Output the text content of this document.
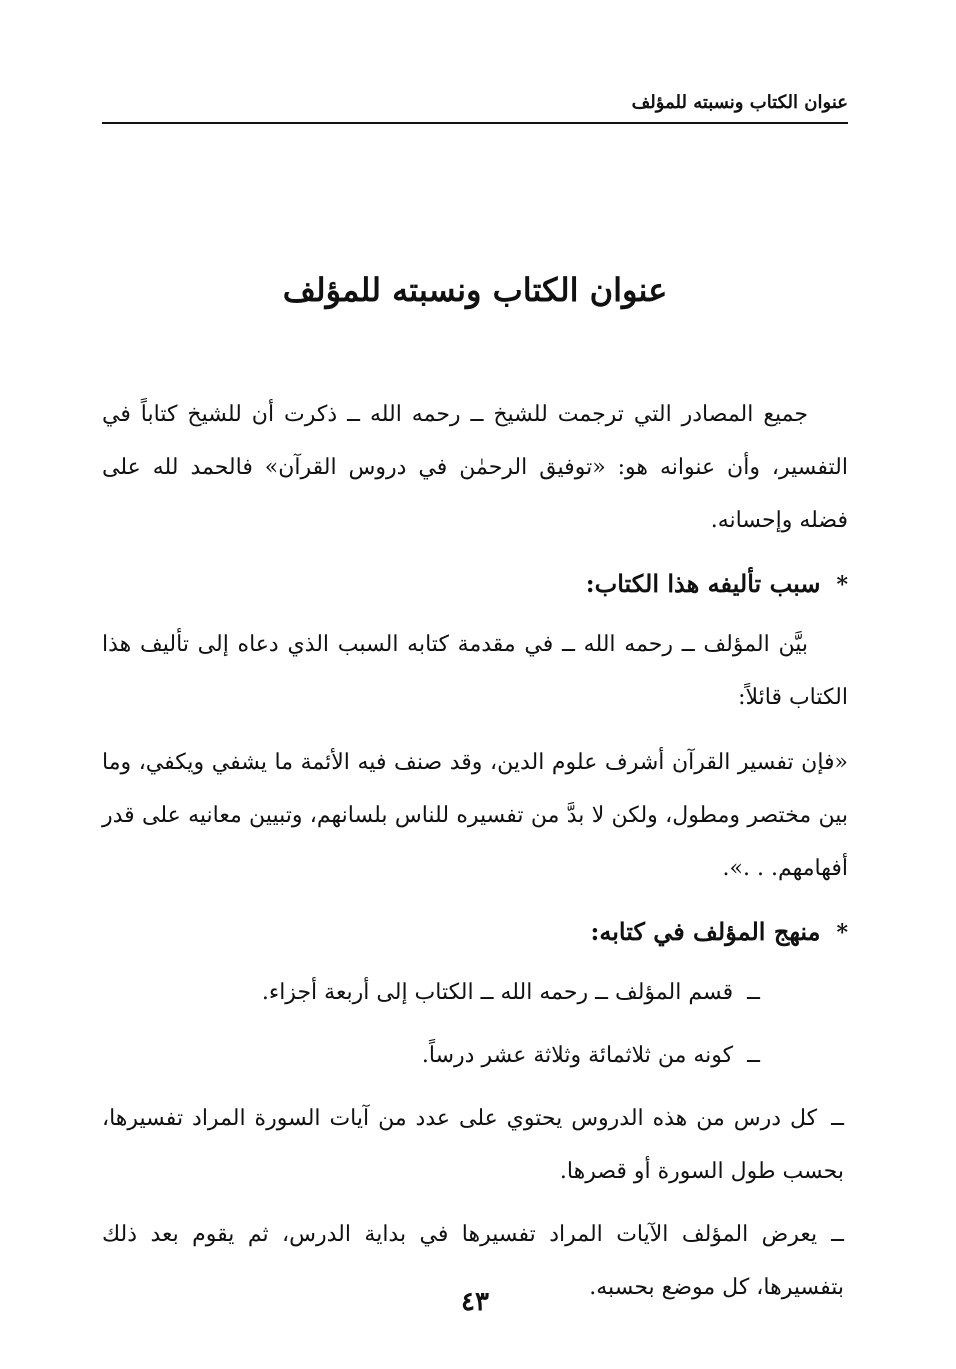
عنوان الكتاب ونسبته للمؤلف
عنوان الكتاب ونسبته للمؤلف

جميع المصادر التي ترجمت للشيخ ــ رحمه الله ــ ذكرت أن للشيخ كتاباً في التفسير، وأن عنوانه هو: «توفيق الرحمٰن في دروس القرآن» فالحمد لله على فضله وإحسانه.

*سبب تأليفه هذا الكتاب:

بيَّن المؤلف ــ رحمه الله ــ في مقدمة كتابه السبب الذي دعاه إلى تأليف هذا الكتاب قائلاً:

«فإن تفسير القرآن أشرف علوم الدين، وقد صنف فيه الأئمة ما يشفي ويكفي، وما بين مختصر ومطول، ولكن لا بدَّ من تفسيره للناس بلسانهم، وتبيين معانيه على قدر أفهامهم. . .».

*منهج المؤلف في كتابه:

ــقسم المؤلف ــ رحمه الله ــ الكتاب إلى أربعة أجزاء.

ــكونه من ثلاثمائة وثلاثة عشر درساً.

ــكل درس من هذه الدروس يحتوي على عدد من آيات السورة المراد تفسيرها، بحسب طول السورة أو قصرها.

ــيعرض المؤلف الآيات المراد تفسيرها في بداية الدرس، ثم يقوم بعد ذلك بتفسيرها، كل موضع بحسبه.

٤٣
